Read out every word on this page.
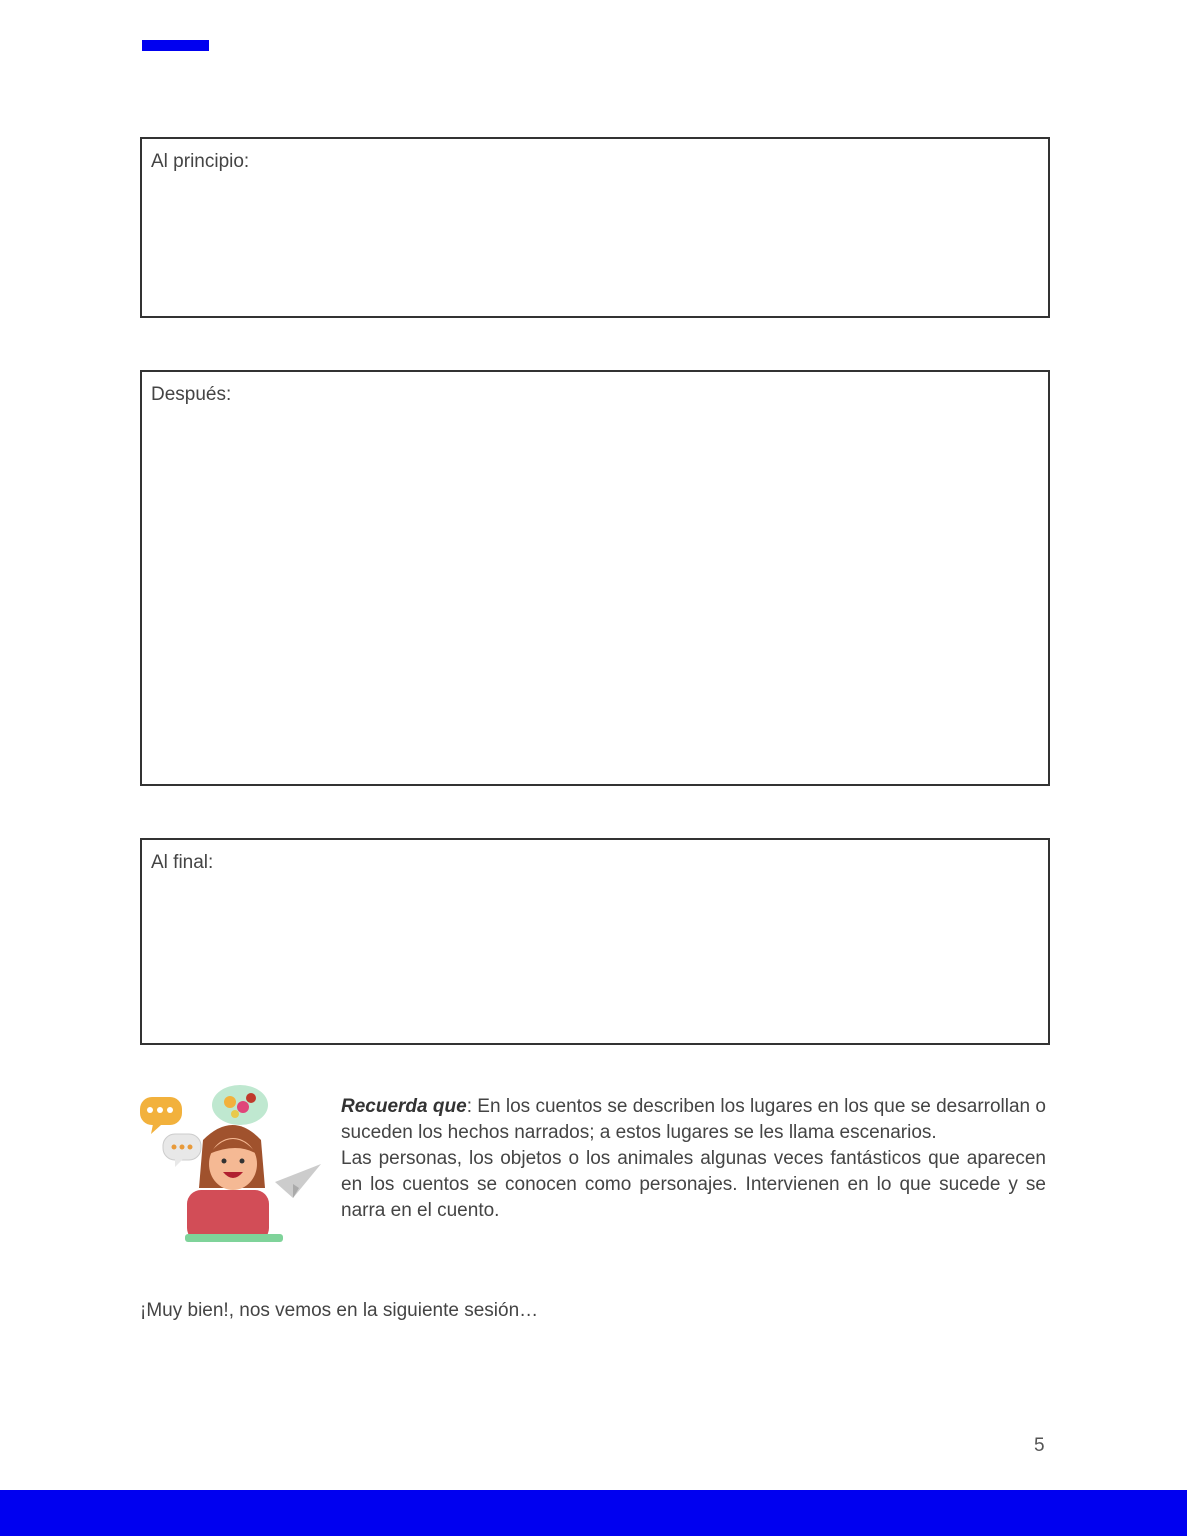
Al principio:
Después:
Al final:

Recuerda que: En los cuentos se describen los lugares en los que se desarrollan o suceden los hechos narrados; a estos lugares se les llama escenarios.

Las personas, los objetos o los animales algunas veces fantásticos que aparecen en los cuentos se conocen como personajes. Intervienen en lo que sucede y se narra en el cuento.

¡Muy bien!, nos vemos en la siguiente sesión…
5
